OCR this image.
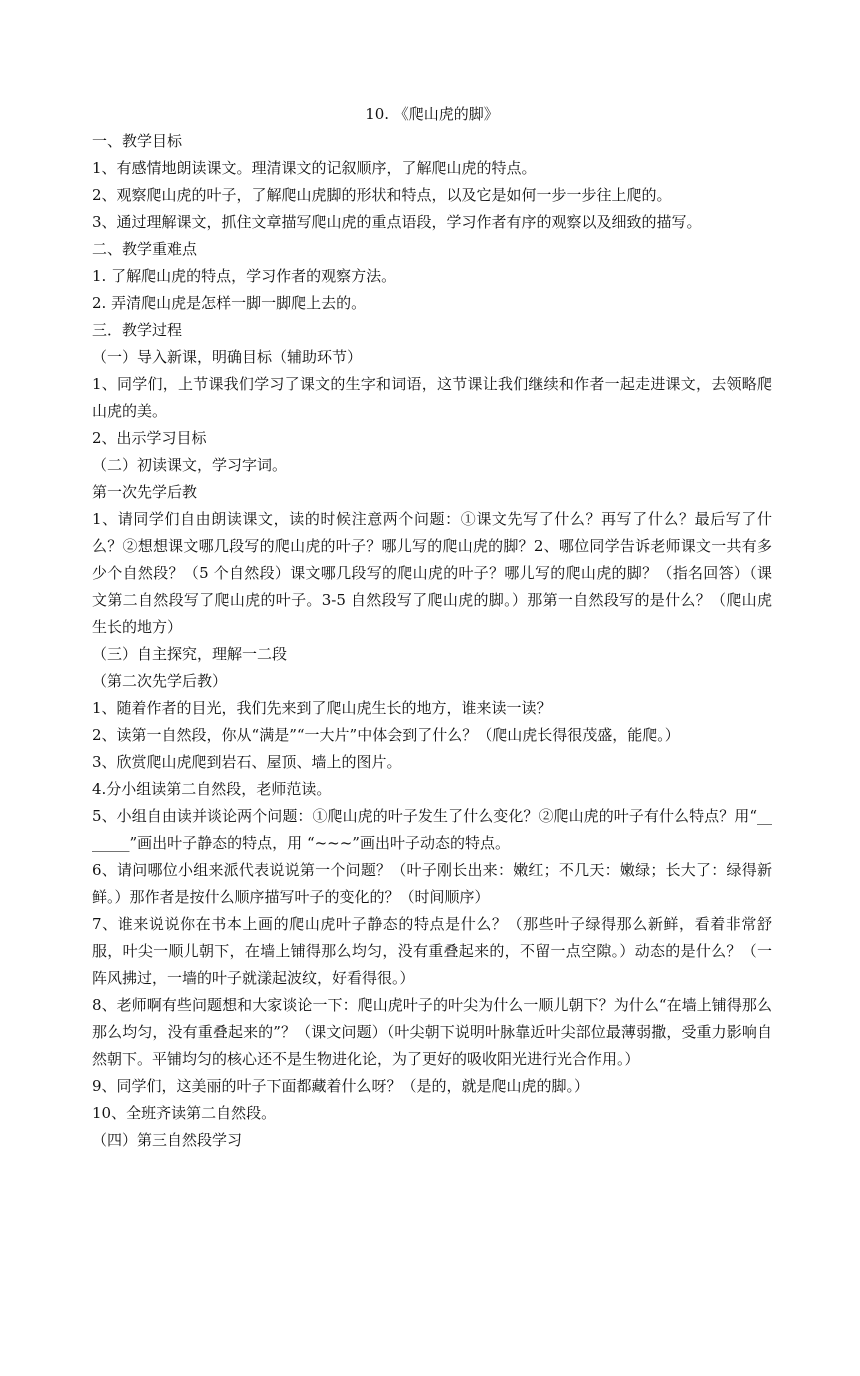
10. 《爬山虎的脚》

一、教学目标

1、有感情地朗读课文。理清课文的记叙顺序，了解爬山虎的特点。

2、观察爬山虎的叶子，了解爬山虎脚的形状和特点，以及它是如何一步一步往上爬的。

3、通过理解课文，抓住文章描写爬山虎的重点语段，学习作者有序的观察以及细致的描写。

二、教学重难点

1. 了解爬山虎的特点，学习作者的观察方法。

2. 弄清爬山虎是怎样一脚一脚爬上去的。

三．教学过程

（一）导入新课，明确目标（辅助环节）

1、同学们，上节课我们学习了课文的生字和词语，这节课让我们继续和作者一起走进课文，去领略爬山虎的美。

2、出示学习目标

（二）初读课文，学习字词。

第一次先学后教

1、请同学们自由朗读课文，读的时候注意两个问题：①课文先写了什么？再写了什么？最后写了什么？②想想课文哪几段写的爬山虎的叶子？哪儿写的爬山虎的脚？2、哪位同学告诉老师课文一共有多少个自然段？（5 个自然段）课文哪几段写的爬山虎的叶子？哪儿写的爬山虎的脚？（指名回答）（课文第二自然段写了爬山虎的叶子。3-5 自然段写了爬山虎的脚。）那第一自然段写的是什么？（爬山虎生长的地方）

（三）自主探究，理解一二段

（第二次先学后教）

1、随着作者的目光，我们先来到了爬山虎生长的地方，谁来读一读？

2、读第一自然段，你从“满是”“一大片”中体会到了什么？（爬山虎长得很茂盛，能爬。）

3、欣赏爬山虎爬到岩石、屋顶、墙上的图片。

4.分小组读第二自然段，老师范读。

5、小组自由读并谈论两个问题：①爬山虎的叶子发生了什么变化？②爬山虎的叶子有什么特点？用“_______”画出叶子静态的特点，用 “~~~”画出叶子动态的特点。

6、请问哪位小组来派代表说说第一个问题？（叶子刚长出来：嫩红；不几天：嫩绿；长大了：绿得新鲜。）那作者是按什么顺序描写叶子的变化的？（时间顺序）

7、谁来说说你在书本上画的爬山虎叶子静态的特点是什么？（那些叶子绿得那么新鲜，看着非常舒服，叶尖一顺儿朝下，在墙上铺得那么均匀，没有重叠起来的，不留一点空隙。）动态的是什么？（一阵风拂过，一墙的叶子就漾起波纹，好看得很。）

8、老师啊有些问题想和大家谈论一下：爬山虎叶子的叶尖为什么一顺儿朝下？为什么“在墙上铺得那么那么均匀，没有重叠起来的”？（课文问题）（叶尖朝下说明叶脉靠近叶尖部位最薄弱撒，受重力影响自然朝下。平铺均匀的核心还不是生物进化论，为了更好的吸收阳光进行光合作用。）

9、同学们，这美丽的叶子下面都藏着什么呀？（是的，就是爬山虎的脚。）

10、全班齐读第二自然段。

（四）第三自然段学习
